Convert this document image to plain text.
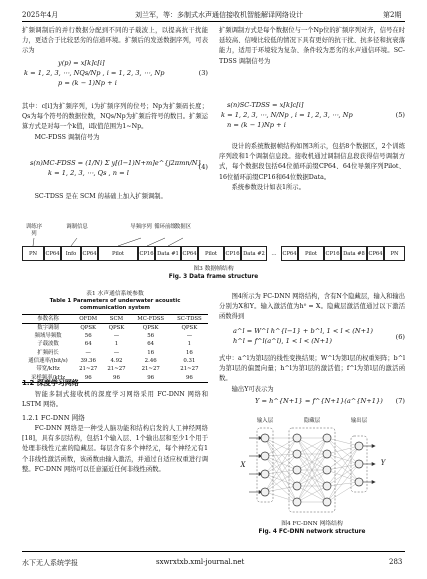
2025年4月	刘兰军，等：多制式水声通信接收机智能解译网络设计	第2期

扩频调制后的并行数据分配到不同的子载波上，以提高抗干扰能力，更适合于比较恶劣的信道环境。扩频后的发送数据序列，可表示为

y(p) = x[k]c[i]
k = 1, 2, 3, ⋯, NQs/Np , i = 1, 2, 3, ⋯, Np
p = (k − 1)Np + i
(3)

其中：c[i]为扩频序列，i为扩频序列的位号；Np为扩频码长度；Qs为每个符号的数据位数，NQs/Np为扩频后符号的数目。扩频运算方式是对每一个k值，i取值范围为1~Np。

MC-FDSS 调制信号为

s(n)MC-FDSS = (1/N) Σ y[(l−1)N+m]e^{j2πmn/N}
k = 1, 2, 3, ⋯, Qs , n = l
(4)

SC-TDSS 是在 SCM 的基础上加入扩频调制。

扩频调制方式是每个数据位与一个Np位的扩频序列对齐，信号在时延较高、信噪比较低的情况下具有更好的抗干扰、抗多径和抗衰落能力，适用于环境较为复杂、条件较为恶劣的水声通信环境。SC-TDSS 调制信号为

s(n)SC-TDSS = x[k]c[i]
k = 1, 2, 3, ⋯, N/Np , i = 1, 2, 3, ⋯, Np
n = (k − 1)Np + i
(5)

设计的系统数据帧结构如图3所示，包括8个数据区，2个训练序列段和1个调制信息段。接收机通过调制信息段获得信号调制方式，每个数据段包括64位循环前缀CP64、64位导频序列Pilot、16位循环前缀CP16和64位数据Data。

系统参数设计如表1所示。

训练序列
调制信息	导频序列 循环前缀 数据区
PN	CP64	Info	CP64	Pilot	CP16 Data #1 CP64	Pilot	CP16 Data #2	…	CP64	Pilot	CP16 Data #8 CP64	PN
图3 数据帧结构
Fig. 3 Data frame structure
表1 水声通信系统参数
Table 1 Parameters of underwater acoustic communication system
参数名称	OFDM	SCM	MC-FDSS	SC-TDSS
数字调制	QPSK	QPSK	QPSK	QPSK
频域导频数	56	—	56	—
子载波数	64	1	64	1
扩频码长	—	—	16	16
通信速率/(bit/s)	39.36	4.92	2.46	0.31
带宽/kHz	21~27	21~27	21~27	21~27
采样频率/kHz	96	96	96	96
1.2 深度学习网络

智能多制式接收机的深度学习网络采用 FC-DNN 网络和 LSTM 网络。

1.2.1 FC-DNN 网络

FC-DNN 网络是一种受人脑功能和结构启发的人工神经网络[18]，具有多层结构，包括1个输入层、1个输出层和至少1个用于处理非线性元素的隐藏层。每层含有多个神经元，每个神经元有1个非线性激活函数，该函数由输入激活，并通过自适应权重进行调整。FC-DNN 网络可以任意逼近任何非线性函数。

图4所示为 FC-DNN 网络结构，含有N个隐藏层，输入和输出分别为X和Y。输入激活值为h⁰ = X。隐藏层激活值通过以下激活函数得到

a^l = W^l h^{l−1} + b^l, 1 < l < (N+1)
h^l = f^l(a^l), 1 < l < (N+1)	(6)

式中：a^l为第l层的线性变换结果；W^l为第l层的权重矩阵；b^l为第l层的偏置向量；h^l为第l层的激活值；f^l为第l层的激活函数。

输出Y可表示为

Y = h^{N+1} = f^{N+1}(a^{N+1})	(7)
输入层	隐藏层	输出层
X	Y
图4 FC-DNN 网络结构
Fig. 4 FC-DNN network structure
水下无人系统学报	sxwrxtxb.xml-journal.net	283
